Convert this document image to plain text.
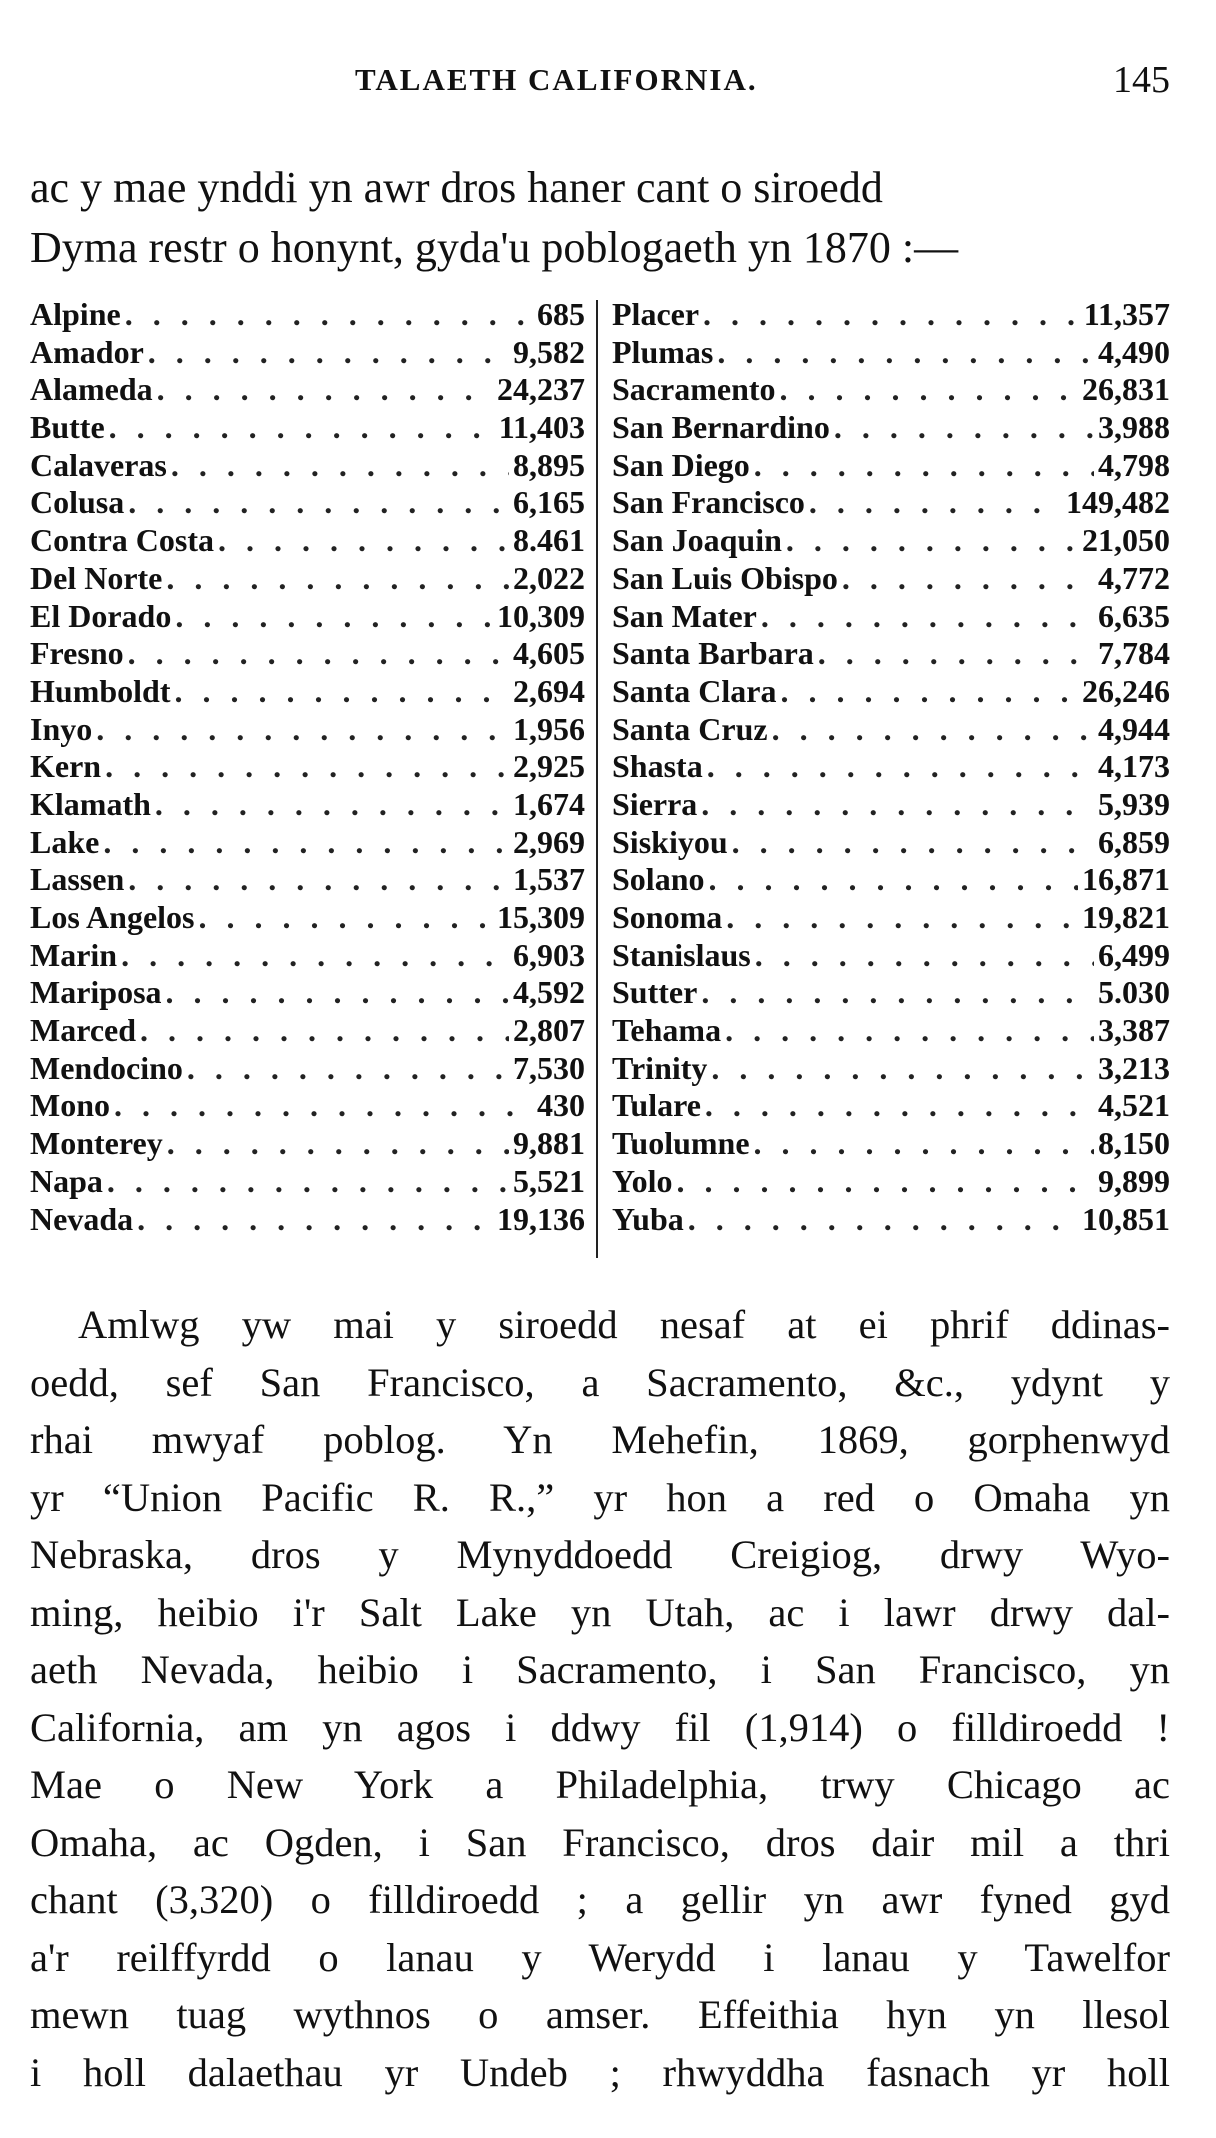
TALAETH CALIFORNIA.	145
ac y mae ynddi yn awr dros haner cant o siroedd
Dyma restr o honynt, gyda'u poblogaeth yn 1870 :—
Alpine . . .	685
Amador . . .	9,582
Alameda . . .	24,237
Butte . . .	11,403
Calaveras . . .	8,895
Colusa . . .	6,165
Contra Costa . . .	8.461
Del Norte . . .	2,022
El Dorado . . .	10,309
Fresno . . .	4,605
Humboldt . . .	2,694
Inyo . . .	1,956
Kern . . .	2,925
Klamath . . .	1,674
Lake . . .	2,969
Lassen . . .	1,537
Los Angelos . . .	15,309
Marin . . .	6,903
Mariposa . . .	4,592
Marced . . .	2,807
Mendocino . . .	7,530
Mono . . .	430
Monterey . . .	9,881
Napa . . .	5,521
Nevada . . .	19,136
Placer . . .	11,357
Plumas . . .	4,490
Sacramento . . .	26,831
San Bernardino . . .	3,988
San Diego . . .	4,798
San Francisco . . .	149,482
San Joaquin . . .	21,050
San Luis Obispo . . .	4,772
San Mater . . .	6,635
Santa Barbara . . .	7,784
Santa Clara . . .	26,246
Santa Cruz . . .	4,944
Shasta . . .	4,173
Sierra . . .	5,939
Siskiyou . . .	6,859
Solano . . .	16,871
Sonoma . . .	19,821
Stanislaus . . .	6,499
Sutter . . .	5.030
Tehama . . .	3,387
Trinity . . .	3,213
Tulare . . .	4,521
Tuolumne . . .	8,150
Yolo . . .	9,899
Yuba . . .	10,851
Amlwg yw mai y siroedd nesaf at ei phrif ddinas-
oedd, sef San Francisco, a Sacramento, &c., ydynt y
rhai mwyaf poblog. Yn Mehefin, 1869, gorphenwyd
yr “Union Pacific R. R.,” yr hon a red o Omaha yn
Nebraska, dros y Mynyddoedd Creigiog, drwy Wyo-
ming, heibio i'r Salt Lake yn Utah, ac i lawr drwy dal-
aeth Nevada, heibio i Sacramento, i San Francisco, yn
California, am yn agos i ddwy fil (1,914) o filldiroedd !
Mae o New York a Philadelphia, trwy Chicago ac
Omaha, ac Ogden, i San Francisco, dros dair mil a thri
chant (3,320) o filldiroedd ; a gellir yn awr fyned gyd
a'r reilffyrdd o lanau y Werydd i lanau y Tawelfor
mewn tuag wythnos o amser. Effeithia hyn yn llesol
i holl dalaethau yr Undeb ; rhwyddha fasnach yr holl
